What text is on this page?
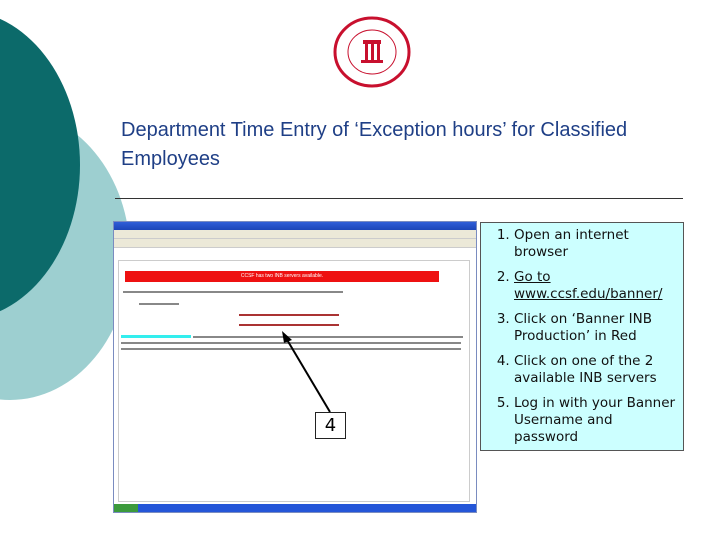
Department Time Entry of ‘Exception hours’ for Classified Employees
CCSF has two INB servers available.
4
1. Open an internet browser
2. Go to www.ccsf.edu/banner/
3. Click on ‘Banner INB Production’ in Red
4. Click on one of the 2 available INB servers
5. Log in with your Banner Username and password
